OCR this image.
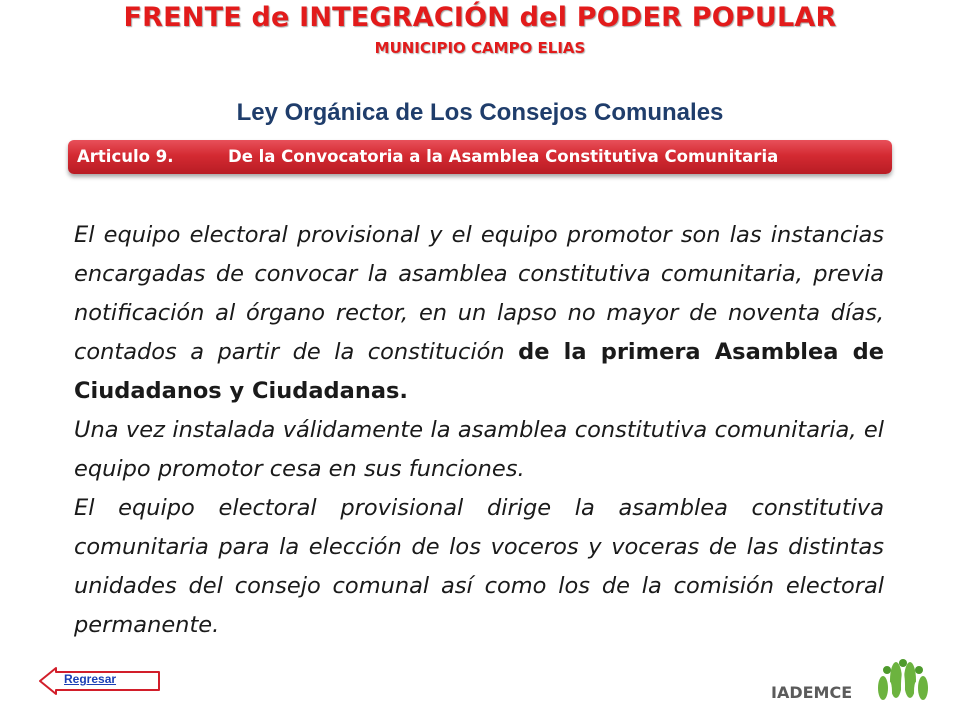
FRENTE de INTEGRACIÓN del PODER POPULAR
MUNICIPIO CAMPO ELIAS
Ley Orgánica de Los Consejos Comunales
Articulo 9.	De la Convocatoria a la Asamblea Constitutiva Comunitaria

El equipo electoral provisional y el equipo promotor son las instancias encargadas de convocar la asamblea constitutiva comunitaria, previa notificación al órgano rector, en un lapso no mayor de noventa días, contados a partir de la constitución de la primera Asamblea de Ciudadanos y Ciudadanas.

Una vez instalada válidamente la asamblea constitutiva comunitaria, el equipo promotor cesa en sus funciones.

El equipo electoral provisional dirige la asamblea constitutiva comunitaria para la elección de los voceros y voceras de las distintas unidades del consejo comunal así como los de la comisión electoral permanente.

Regresar
IADEMCE
